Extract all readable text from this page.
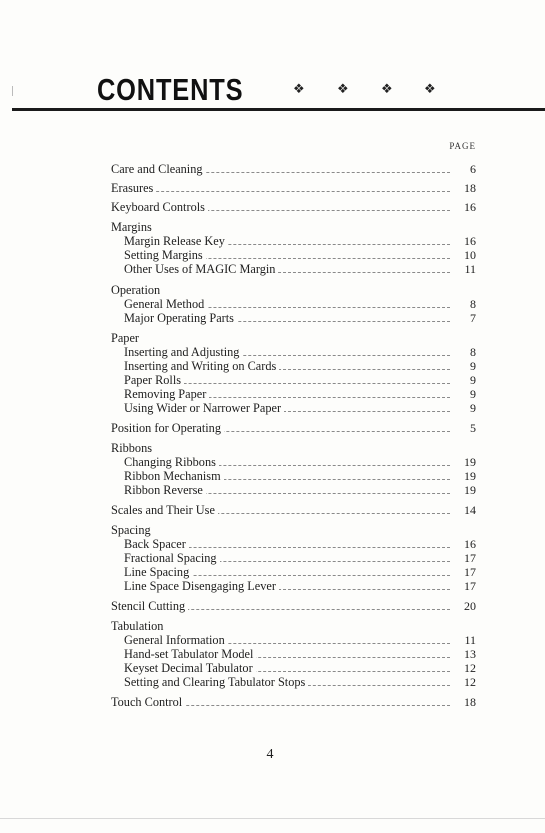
CONTENTS	❖ ❖ ❖ ❖
PAGE
Care and Cleaning	6
Erasures	18
Keyboard Controls	16
Margins
Margin Release Key	16
Setting Margins	10
Other Uses of MAGIC Margin	11
Operation
General Method	8
Major Operating Parts	7
Paper
Inserting and Adjusting	8
Inserting and Writing on Cards	9
Paper Rolls	9
Removing Paper	9
Using Wider or Narrower Paper	9
Position for Operating	5
Ribbons
Changing Ribbons	19
Ribbon Mechanism	19
Ribbon Reverse	19
Scales and Their Use	14
Spacing
Back Spacer	16
Fractional Spacing	17
Line Spacing	17
Line Space Disengaging Lever	17
Stencil Cutting	20
Tabulation
General Information	11
Hand-set Tabulator Model	13
Keyset Decimal Tabulator	12
Setting and Clearing Tabulator Stops	12
Touch Control	18
4
